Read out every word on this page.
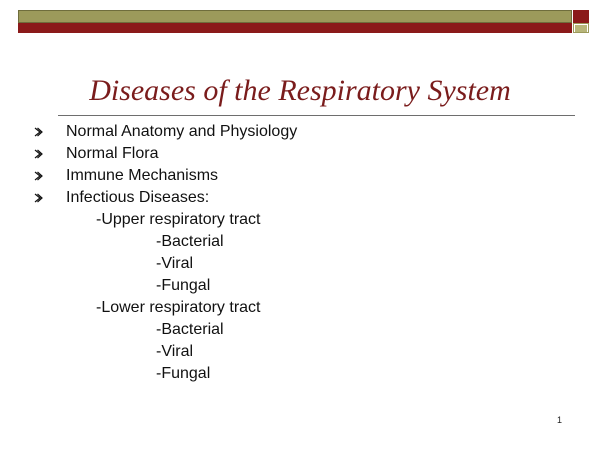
Diseases of the Respiratory System
Normal Anatomy and Physiology
Normal Flora
Immune Mechanisms
Infectious Diseases:
-Upper respiratory tract
-Bacterial
-Viral
-Fungal
-Lower respiratory tract
-Bacterial
-Viral
-Fungal
1
